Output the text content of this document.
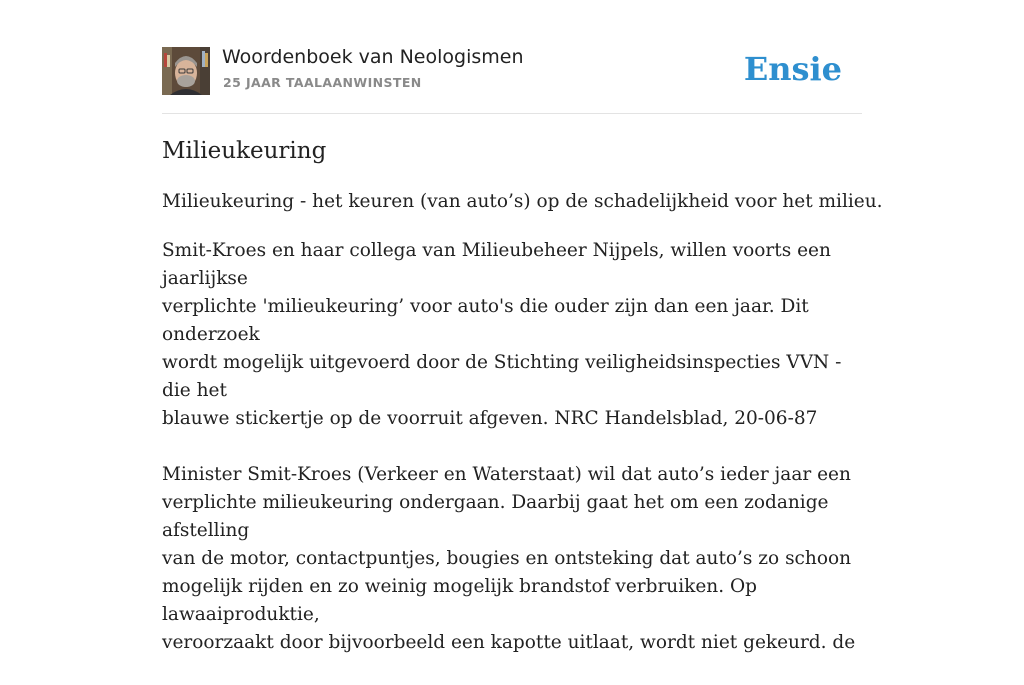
Woordenboek van Neologismen
25 JAAR TAALAANWINSTEN	Ensie
Milieukeuring

Milieukeuring - het keuren (van auto’s) op de schadelijkheid voor het milieu.

Smit-Kroes en haar collega van Milieubeheer Nijpels, willen voorts een jaarlijkse
verplichte 'milieukeuring’ voor auto's die ouder zijn dan een jaar. Dit onderzoek
wordt mogelijk uitgevoerd door de Stichting veiligheidsinspecties VVN - die het
blauwe stickertje op de voorruit afgeven. NRC Handelsblad, 20-06-87

Minister Smit-Kroes (Verkeer en Waterstaat) wil dat auto’s ieder jaar een
verplichte milieukeuring ondergaan. Daarbij gaat het om een zodanige afstelling
van de motor, contactpuntjes, bougies en ontsteking dat auto’s zo schoon
mogelijk rijden en zo weinig mogelijk brandstof verbruiken. Op lawaaiproduktie,
veroorzaakt door bijvoorbeeld een kapotte uitlaat, wordt niet gekeurd. de
